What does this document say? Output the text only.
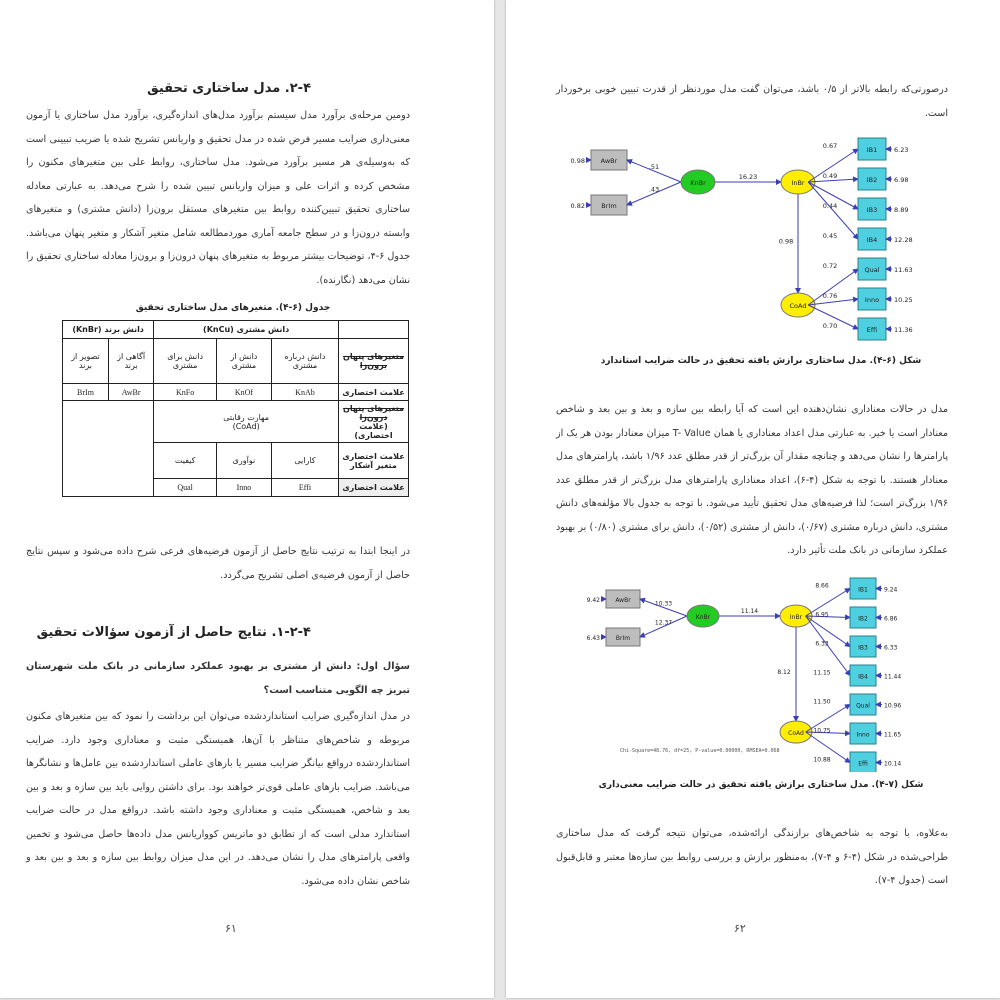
۲-۴. مدل ساختاری تحقیق
دومین مرحله‌ی برآورد مدل سیستم برآورد مدل‌های اندازه‌گیری، برآورد مدل ساختاری یا آزمون معنی‌داری ضرایب مسیر فرض شده در مدل تحقیق و واریانس تشریح شده یا ضریب تبیینی است که به‌وسیله‌ی هر مسیر برآورد می‌شود. مدل ساختاری، روابط علی بین متغیرهای مکنون را مشخص کرده و اثرات علی و میزان واریانس تبیین شده را شرح می‌دهد. به عبارتی معادله ساختاری تحقیق تبیین‌کننده روابط بین متغیرهای مستقل برون‌زا (دانش مشتری) و متغیرهای وابسته درون‌زا و در سطح جامعه آماری مورد‌مطالعه شامل متغیر آشکار و متغیر پنهان می‌باشد. جدول ۶-۴، توضیحات بیشتر مربوط به متغیرهای پنهان درون‌زا و برون‌زا معادله ساختاری تحقیق را نشان می‌دهد (نگارنده).
جدول (۶-۴). متغیرهای مدل ساختاری تحقیق
	دانش مشتری (KnCu)			دانش برند (KnBr)	
متغیرهای پنهان برون‌زا	دانش درباره مشتری	دانش از مشتری	دانش برای مشتری	آگاهی از برند	تصویر از برند
علامت اختصاری	KnAb	KnOf	KnFo	AwBr	BrIm
متغیرهای پنهان درون‌زا
(علامت اختصاری)	مهارت رقابتی
(CoAd)				
علامت اختصاری متغیر آشکار	کارایی	نوآوری	کیفیت		
علامت اختصاری	Effi	Inno	Qual		
در اینجا ابتدا به ترتیب نتایج حاصل از آزمون فرضیه‌های فرعی شرح داده می‌شود و سپس نتایج حاصل از آزمون فرضیه‌ی اصلی تشریح می‌گردد.
۱-۲-۴. نتایج حاصل از آزمون سؤالات تحقیق
سؤال اول: دانش از مشتری بر بهبود عملکرد سازمانی در بانک ملت شهرستان تبریز چه الگویی متناسب است؟
در مدل اندازه‌گیری ضرایب استانداردشده می‌توان این برداشت را نمود که بین متغیرهای مکنون مربوطه و شاخص‌های متناظر با آن‌ها، همبستگی مثبت و معناداری وجود دارد. ضرایب استانداردشده درواقع بیانگر ضرایب مسیر یا بارهای عاملی استانداردشده بین عامل‌ها و نشانگرها می‌باشد. ضرایب بارهای عاملی قوی‌تر خواهند بود. برای داشتن روایی باید بین سازه و بعد و بین بعد و شاخص، همبستگی مثبت و معناداری وجود داشته باشد. درواقع مدل در حالت ضرایب استاندارد مدلی است که از تطابق دو ماتریس کوواریانس مدل داده‌ها حاصل می‌شود و تخمین واقعی پارامترهای مدل را نشان می‌دهد. در این مدل میزان روابط بین سازه و بعد و بین بعد و شاخص نشان داده می‌شود.
۶۱
درصورتی‌که رابطه بالاتر از ۰/۵ باشد، می‌توان گفت مدل موردنظر از قدرت تبیین خوبی برخوردار است.
0.98 AwBr
.51
0.82	BrIm
.43
16.23
0.98
KnBr	InBr
CoAd
0.67	IB1	6.23
0.49	IB2	6.98
0.44	IB3	8.89
0.45	IB4	12.28
0.72	Qual 11.63
0.76	Inno 10.25
0.70	Effi	11.36
شکل (۶-۴). مدل ساختاری برازش یافته تحقیق در حالت ضرایب استاندارد
مدل در حالات معناداری نشان‌دهنده این است که آیا رابطه بین سازه و بعد و بین بعد و شاخص معنادار است یا خیر. به عبارتی مدل اعداد معناداری یا همان T- Value میزان معنادار بودن هر یک از پارامترها را نشان می‌دهد و چنانچه مقدار آن بزرگ‌تر از قدر مطلق عدد ۱/۹۶ باشد، پارامترهای مدل معنادار هستند. با توجه به شکل (۴-۶)، اعداد معناداری پارامترهای مدل بزرگ‌تر از قدر مطلق عدد ۱/۹۶ بزرگ‌تر است؛ لذا فرضیه‌های مدل تحقیق تأیید می‌شود. با توجه به جدول بالا مؤلفه‌های دانش مشتری، دانش درباره مشتری (۰/۶۷)، دانش از مشتری (۰/۵۲)، دانش برای مشتری (۰/۸۰) بر بهبود عملکرد سازمانی در بانک ملت تأثیر دارد.
9.42	AwBr	10.33
6.43	BrIm
12.37
11.14
8.12
KnBr	InBr
CoAd
8.66
IB1	9.24
6.95
IB2	6.86
6.33
IB3	6.33
11.15
IB4	11.44
11.50
Qual 10.96
10.75
Inno 11.65
10.88
Effi	10.14
Chi-Square=48.76, df=25, P-value=0.00000, RMSEA=0.068
شکل (۷-۴). مدل ساختاری برازش یافته تحقیق در حالت ضرایب معنی‌داری
به‌علاوه، با توجه به شاخص‌های برازندگی ارائه‌شده، می‌توان نتیجه گرفت که مدل ساختاری طراحی‌شده در شکل (۴-۶ و ۴-۷)، به‌منظور برازش و بررسی روابط بین سازه‌ها معتبر و قابل‌قبول است (جدول ۴-۷).
۶۲
